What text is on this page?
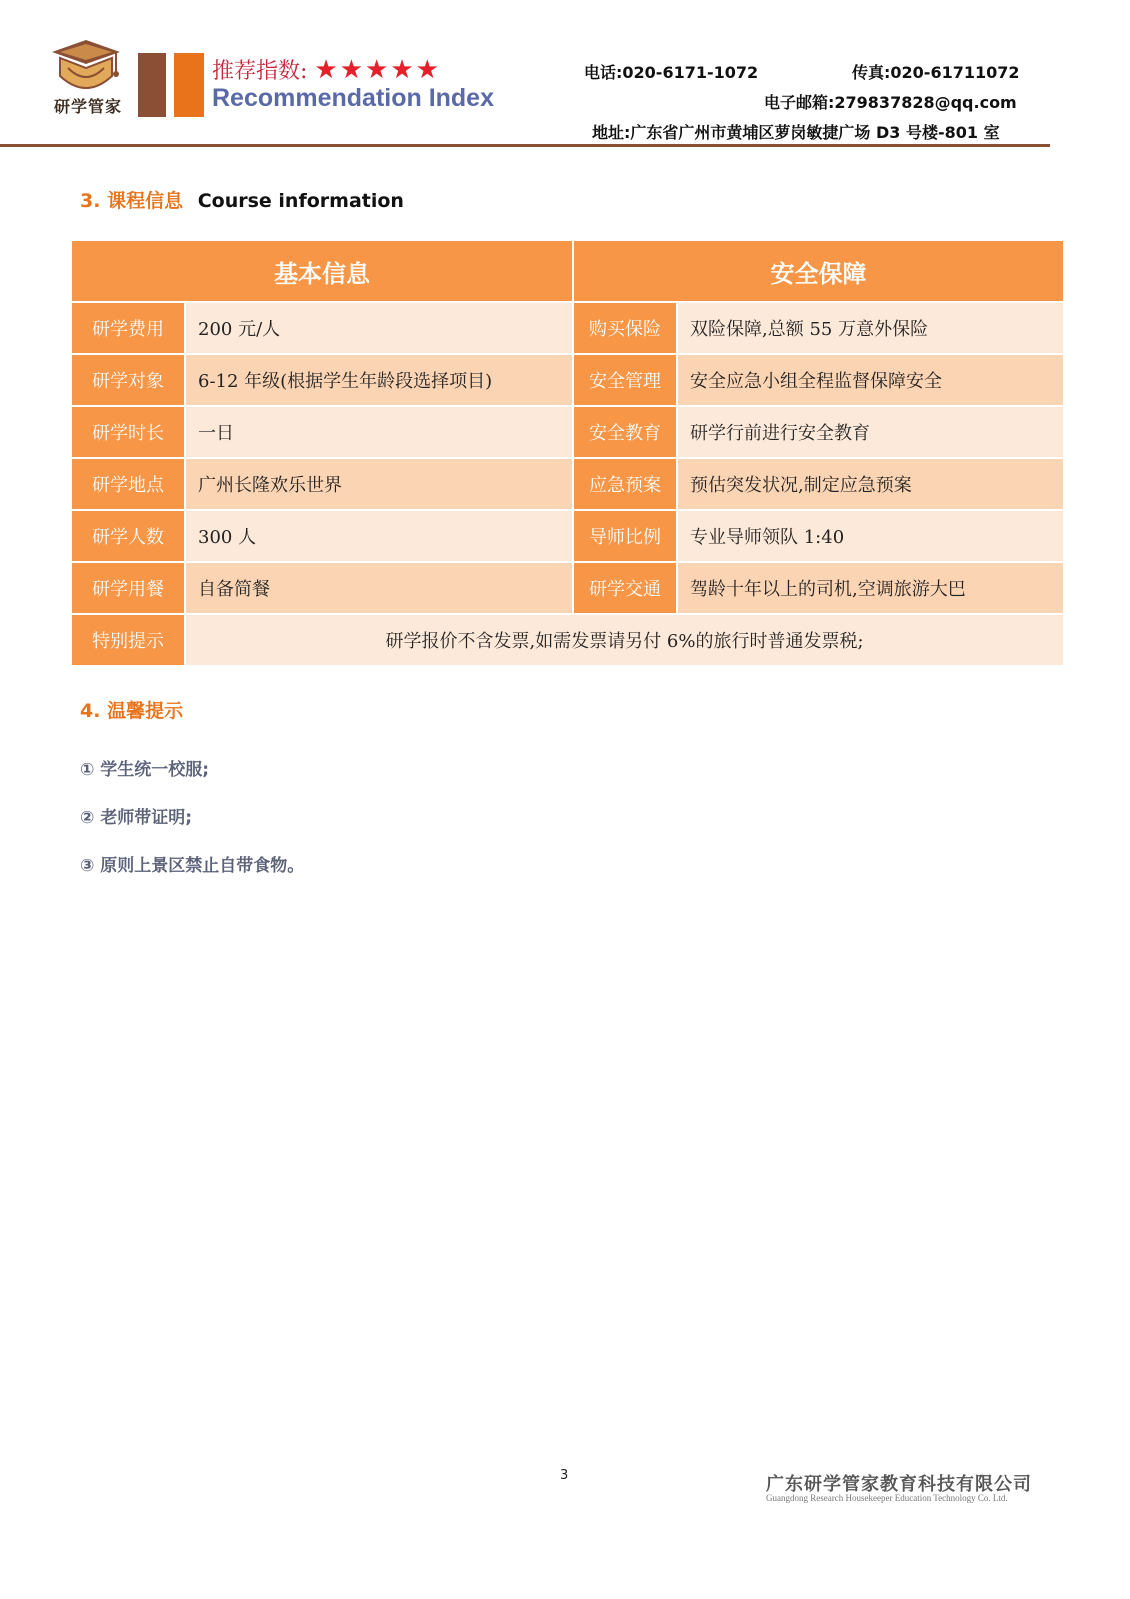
研学管家
推荐指数: ★★★★★
Recommendation Index
电话:020-6171-1072	传真:020-61711072
电子邮箱:279837828@qq.com
地址:广东省广州市黄埔区萝岗敏捷广场 D3 号楼-801 室
3. 课程信息 Course information
基本信息		安全保障	
研学费用	200 元/人	购买保险	双险保障,总额 55 万意外保险
研学对象	6-12 年级(根据学生年龄段选择项目)	安全管理	安全应急小组全程监督保障安全
研学时长	一日	安全教育	研学行前进行安全教育
研学地点	广州长隆欢乐世界	应急预案	预估突发状况,制定应急预案
研学人数	300 人	导师比例	专业导师领队 1:40
研学用餐	自备简餐	研学交通	驾龄十年以上的司机,空调旅游大巴
特别提示	研学报价不含发票,如需发票请另付 6%的旅行时普通发票税;		
4. 温馨提示
① 学生统一校服;
② 老师带证明;
③ 原则上景区禁止自带食物。
3	广东研学管家教育科技有限公司
Guangdong Research Housekeeper Education Technology Co. Ltd.
